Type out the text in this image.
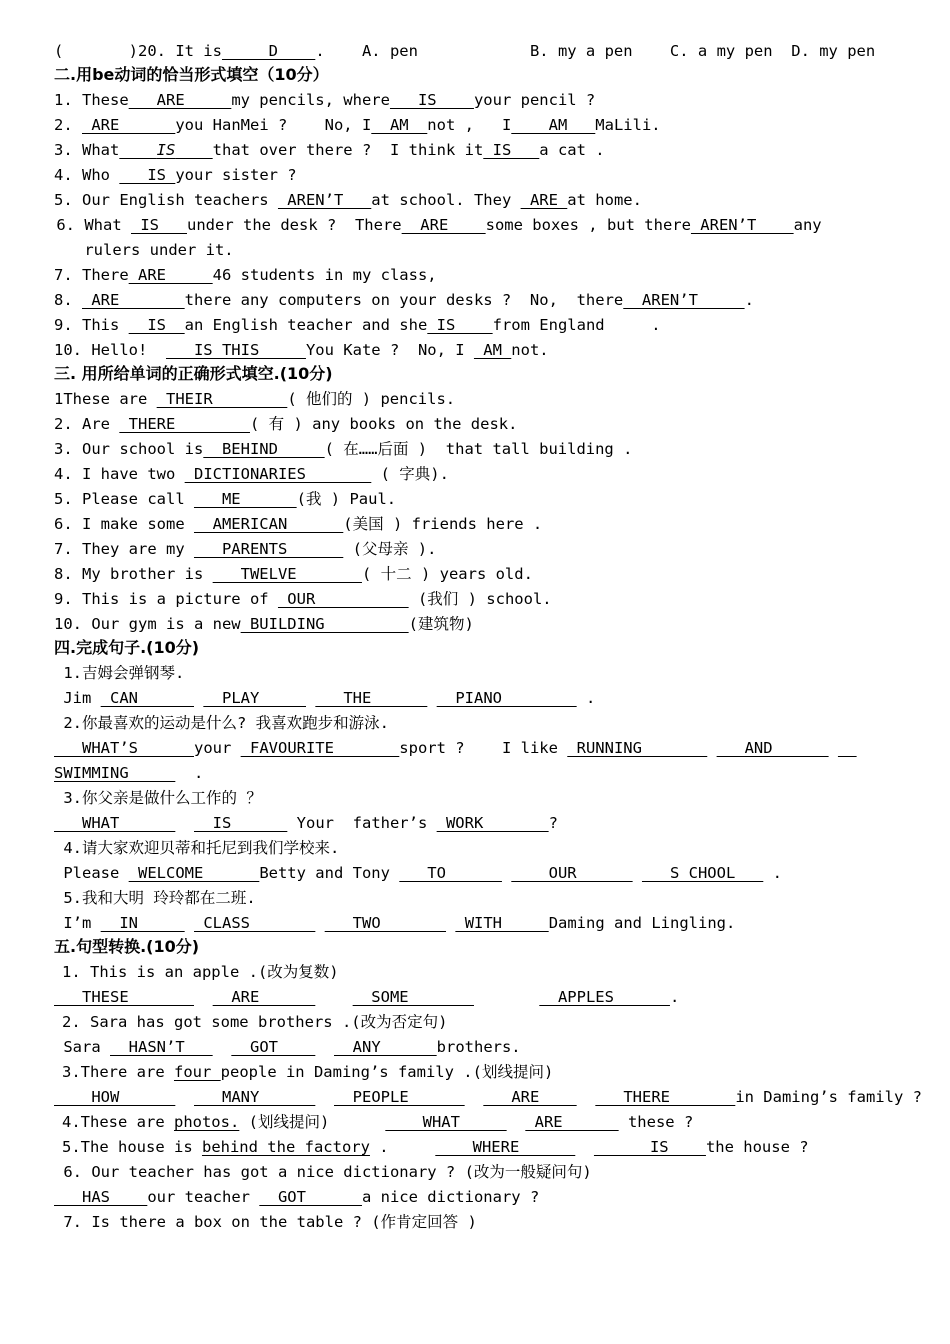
(       )20. It is     D    .    A. pen            B. my a pen    C. a my pen  D. my pen
二.用be动词的恰当形式填空（10分）
1. These   ARE     my pencils, where   IS    your pencil ?
2.  ARE      you HanMei ?    No, I  AM  not ,   I    AM   MaLili.
3. What IS that over there ?  I think it IS   a cat .
4. Who    IS your sister ?
5. Our English teachers  AREN’T   at school. They  ARE at home.
6. What  IS   under the desk ?  There  ARE    some boxes , but there AREN’T    any
rulers under it.
7. There ARE     46 students in my class,
8.  ARE       there any computers on your desks ?  No,  there  AREN’T     .
9. This   IS  an English teacher and she IS    from England     .
10. Hello!     IS THIS     You Kate ?  No, I  AM not.
三. 用所给单词的正确形式填空.(10分)
1These are  THEIR        ( 他们的 ) pencils.
2. Are  THERE        ( 有 ) any books on the desk.
3. Our school is  BEHIND     ( 在……后面 )  that tall building .
4. I have two  DICTIONARIES        ( 字典).
5. Please call    ME      (我 ) Paul.
6. I make some   AMERICAN      (美国 ) friends here .
7. They are my    PARENTS       (父母亲 ).
8. My brother is    TWELVE       ( 十二 ) years old.
9. This is a picture of  OUR           (我们 ) school.
10. Our gym is a new BUILDING         (建筑物)
四.完成句子.(10分)
1.吉姆会弹钢琴.
Jim  CAN         PLAY         THE         PIANO         .
2.你最喜欢的运动是什么? 我喜欢跑步和游泳.
WHAT’S      your  FAVOURITE       sport ?    I like  RUNNING           AND
SWIMMING       .
3.你父亲是做什么工作的 ？
WHAT          IS       Your  father’s  WORK       ?
4.请大家欢迎贝蒂和托尼到我们学校来.
Please  WELCOME      Betty and Tony    TO           OUR          S CHOOL    .
5.我和大明 玲玲都在二班.
I’m   IN       CLASS           TWO         WITH     Daming and Lingling.
五.句型转换.(10分)
1. This is an apple .(改为复数)
THESE           ARE            SOME	APPLES      .
2. Sara has got some brothers .(改为否定句)
Sara   HASN’T       GOT        ANY      brothers.
3.There are four people in Daming’s family .(划线提问)
HOW           MANY          PEOPLE           ARE         THERE       in Daming’s family ?
4.These are photos. (划线提问)          WHAT        ARE       these ?
5.The house is behind the factory .         WHERE              IS    the house ?
6. Our teacher has got a nice dictionary ? (改为一般疑问句)
HAS    our teacher   GOT      a nice dictionary ?
7. Is there a box on the table ? (作肯定回答 )
